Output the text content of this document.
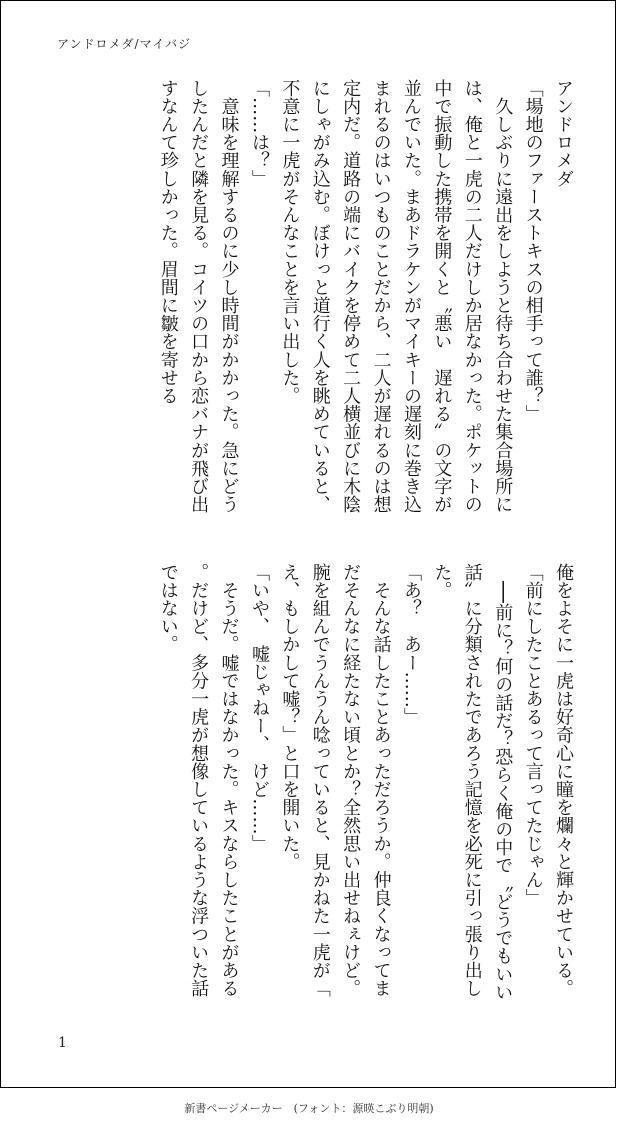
アンドロメダ/マイバジ

アンドロメダ

「場地のファーストキスの相手って誰？」

　久しぶりに遠出をしようと待ち合わせた集合場所には、俺と一虎の二人だけしか居なかった。ポケットの中で振動した携帯を開くと〝悪い　遅れる〟の文字が並んでいた。まあドラケンがマイキーの遅刻に巻き込まれるのはいつものことだから、二人が遅れるのは想定内だ。道路の端にバイクを停めて二人横並びに木陰にしゃがみ込む。ぼけっと道行く人を眺めていると、不意に一虎がそんなことを言い出した。

「……は？」

　意味を理解するのに少し時間がかかった。急にどうしたんだと隣を見る。コイツの口から恋バナが飛び出すなんて珍しかった。眉間に皺を寄せる

俺をよそに一虎は好奇心に瞳を爛々と輝かせている。

「前にしたことあるって言ってたじゃん」

　──前に？何の話だ？恐らく俺の中で〝どうでもいい話〟に分類されたであろう記憶を必死に引っ張り出した。

「あ？　あー……」

　そんな話したことあっただろうか。仲良くなってまだそんなに経たない頃とか？全然思い出せねぇけど。腕を組んでうんうん唸っていると、見かねた一虎が「え、もしかして嘘？」と口を開いた。

「いや、　嘘じゃねー、　けど……」

　そうだ。嘘ではなかった。キスならしたことがある。だけど、多分一虎が想像しているような浮ついた話ではない。

1
新書ページメーカー　(フォント：源暎こぶり明朝)
